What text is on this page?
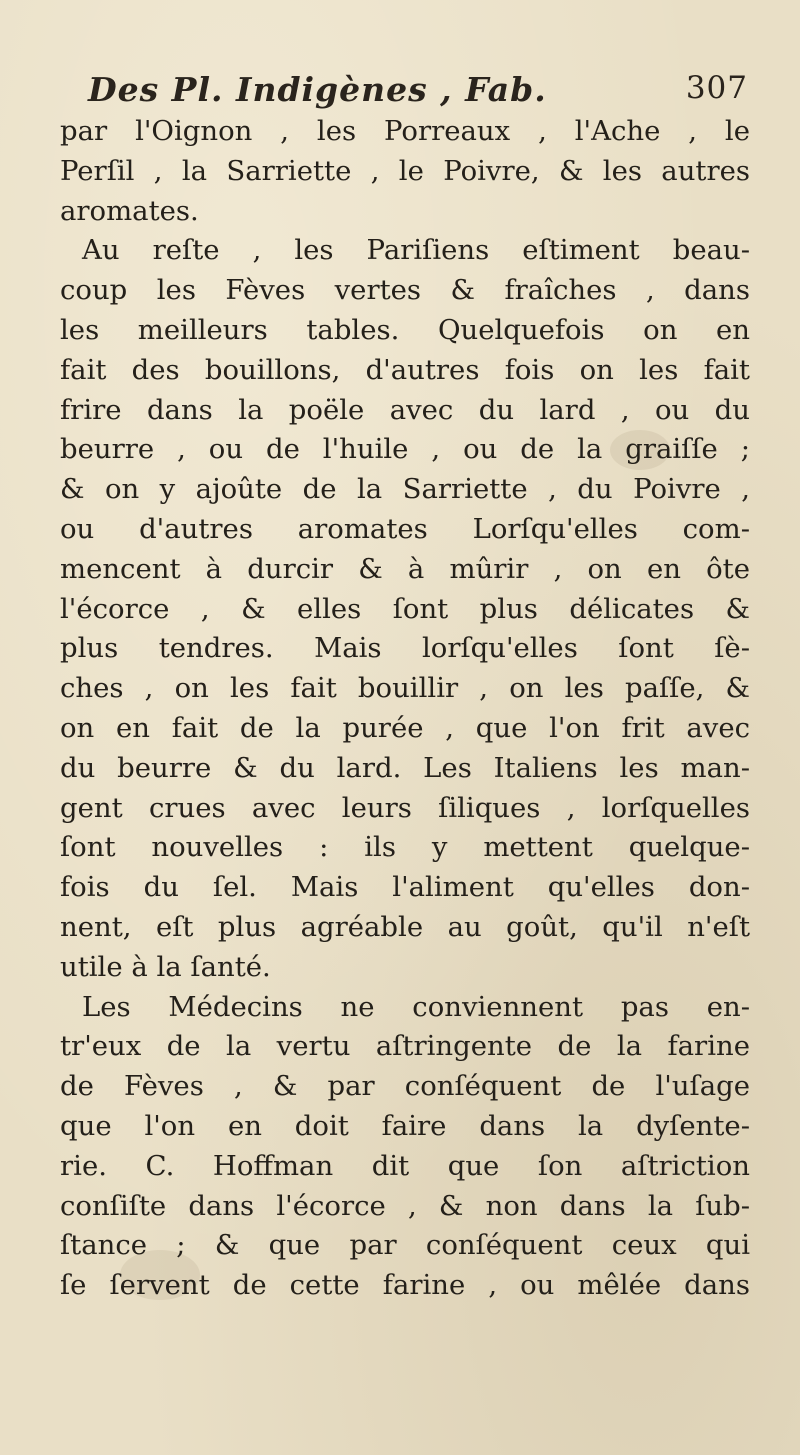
Des Pl. Indigènes , Fab.	307
par l'Oignon , les Porreaux , l'Ache , le
Perſil , la Sarriette , le Poivre, & les autres
aromates.
Au reſte , les Pariſiens eſtiment beau-
coup les Fèves vertes & fraîches , dans
les meilleurs tables. Quelquefois on en
fait des bouillons, d'autres fois on les fait
frire dans la poële avec du lard , ou du
beurre , ou de l'huile , ou de la graiſſe ;
& on y ajoûte de la Sarriette , du Poivre ,
ou d'autres aromates Lorſqu'elles com-
mencent à durcir & à mûrir , on en ôte
l'écorce , & elles ſont plus délicates &
plus tendres. Mais lorſqu'elles ſont ſè-
ches , on les fait bouillir , on les paſſe, &
on en fait de la purée , que l'on frit avec
du beurre & du lard. Les Italiens les man-
gent crues avec leurs ſiliques , lorſquelles
ſont nouvelles : ils y mettent quelque-
fois du ſel. Mais l'aliment qu'elles don-
nent, eſt plus agréable au goût, qu'il n'eſt
utile à la ſanté.
Les Médecins ne conviennent pas en-
tr'eux de la vertu aſtringente de la farine
de Fèves , & par conſéquent de l'uſage
que l'on en doit faire dans la dyſente-
rie. C. Hoffman dit que ſon aſtriction
conſiſte dans l'écorce , & non dans la ſub-
ſtance ; & que par conſéquent ceux qui
ſe ſervent de cette farine , ou mêlée dans
